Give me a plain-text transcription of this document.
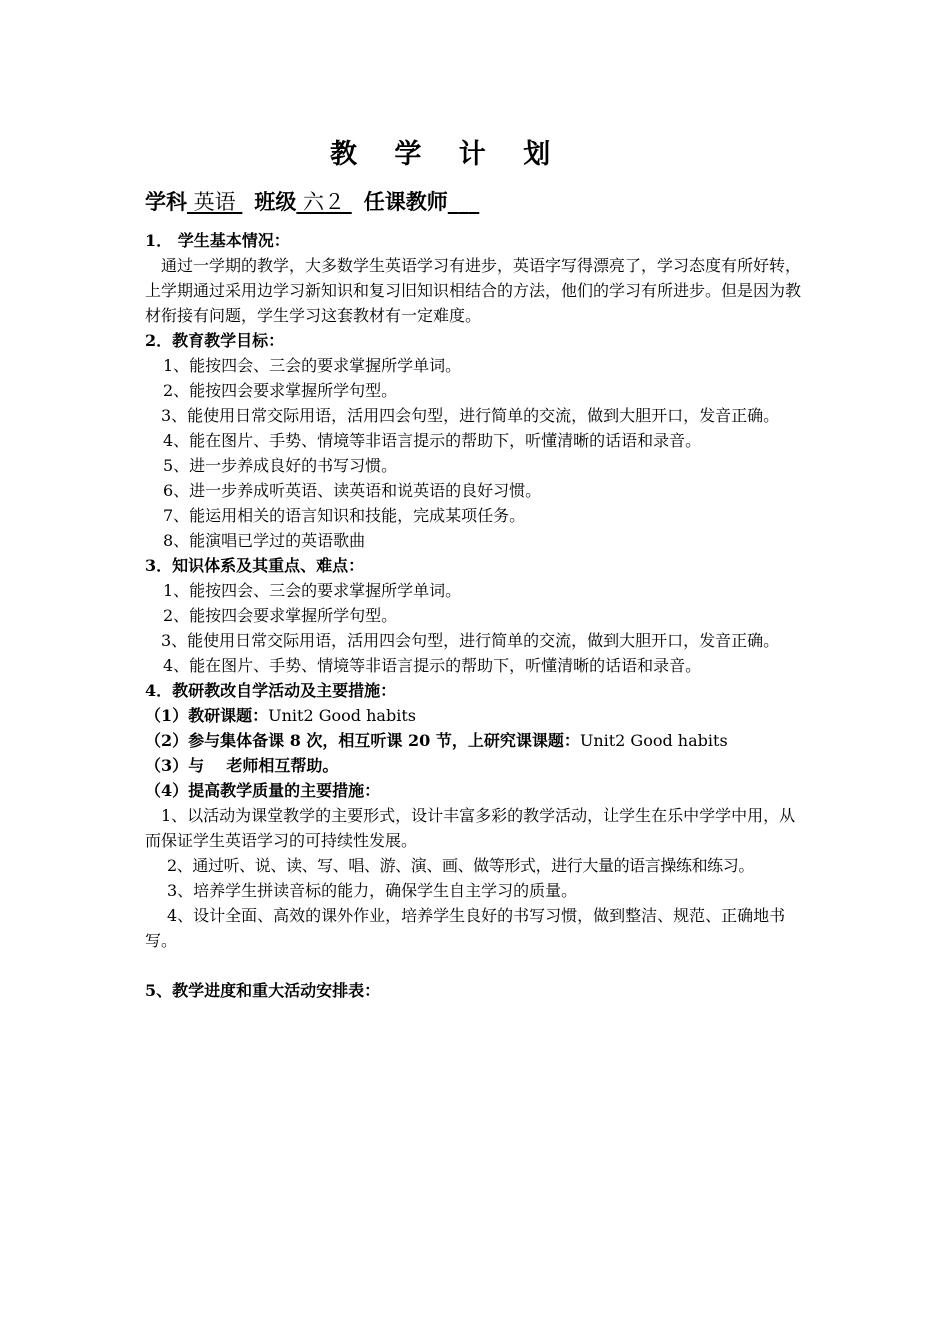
教 学 计 划
学科 英语 班级 六２ 任课教师___
1． 学生基本情况：
通过一学期的教学，大多数学生英语学习有进步，英语字写得漂亮了，学习态度有所好转，上学期通过采用边学习新知识和复习旧知识相结合的方法，他们的学习有所进步。但是因为教材衔接有问题，学生学习这套教材有一定难度。
2．教育教学目标：
1、能按四会、三会的要求掌握所学单词。
2、能按四会要求掌握所学句型。
3、能使用日常交际用语，活用四会句型，进行简单的交流，做到大胆开口，发音正确。
4、能在图片、手势、情境等非语言提示的帮助下，听懂清晰的话语和录音。
5、进一步养成良好的书写习惯。
6、进一步养成听英语、读英语和说英语的良好习惯。
7、能运用相关的语言知识和技能，完成某项任务。
8、能演唱已学过的英语歌曲
3．知识体系及其重点、难点：
1、能按四会、三会的要求掌握所学单词。
2、能按四会要求掌握所学句型。
3、能使用日常交际用语，活用四会句型，进行简单的交流，做到大胆开口，发音正确。
4、能在图片、手势、情境等非语言提示的帮助下，听懂清晰的话语和录音。
4．教研教改自学活动及主要措施：
（1）教研课题：Unit2 Good habits
（2）参与集体备课 8 次，相互听课 20 节，上研究课课题：Unit2 Good habits
（3）与    老师相互帮助。
（4）提高教学质量的主要措施：
1、以活动为课堂教学的主要形式，设计丰富多彩的教学活动，让学生在乐中学学中用，从而保证学生英语学习的可持续性发展。
2、通过听、说、读、写、唱、游、演、画、做等形式，进行大量的语言操练和练习。
3、培养学生拼读音标的能力，确保学生自主学习的质量。
4、设计全面、高效的课外作业，培养学生良好的书写习惯，做到整洁、规范、正确地书写。
5、教学进度和重大活动安排表：
